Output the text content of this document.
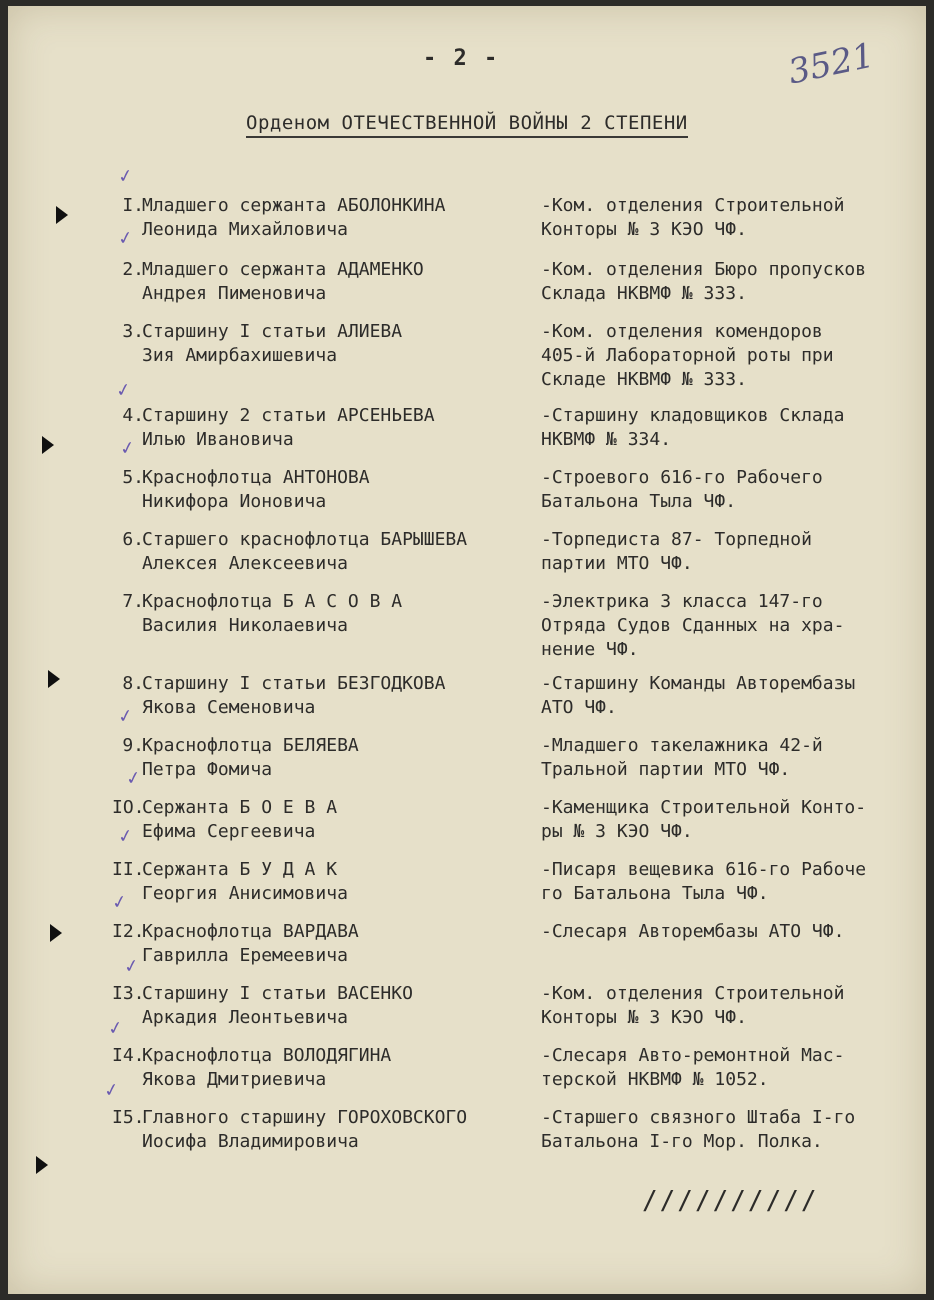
- 2 -	3521
Орденом ОТЕЧЕСТВЕННОЙ ВОЙНЫ 2 СТЕПЕНИ
✓
✓
✓
✓
✓
✓
✓
✓
✓
✓
✓
I.
Младшего сержанта АБОЛОНКИНА
Леонида Михайловича
-Ком. отделения Строительной
Конторы № 3 КЭО ЧФ.
2.
Младшего сержанта АДАМЕНКО
Андрея Пименовича
-Ком. отделения Бюро пропусков
Склада НКВМФ № 333.
3.
Старшину I статьи АЛИЕВА
Зия Амирбахишевича
-Ком. отделения комендоров
405-й Лабораторной роты при
Складе НКВМФ № 333.
4.
Старшину 2 статьи АРСЕНЬЕВА
Илью Ивановича
-Старшину кладовщиков Склада
НКВМФ № 334.
5.
Краснофлотца АНТОНОВА
Никифора Ионовича
-Строевого 616-го Рабочего
Батальона Тыла ЧФ.
6.
Старшего краснофлотца БАРЫШЕВА
Алексея Алексеевича
-Торпедиста 87- Торпедной
партии МТО ЧФ.
7.
Краснофлотца Б А С О В А
Василия Николаевича
-Электрика 3 класса 147-го
Отряда Судов Сданных на хра-
нение ЧФ.
8.
Старшину I статьи БЕЗГОДКОВА
Якова Семеновича
-Старшину Команды Авторембазы
АТО ЧФ.
9.
Краснофлотца БЕЛЯЕВА
Петра Фомича
-Младшего такелажника 42-й
Тральной партии МТО ЧФ.
IO.
Сержанта Б О Е В А
Ефима Сергеевича
-Каменщика Строительной Конто-
ры № 3 КЭО ЧФ.
II.
Сержанта Б У Д А К
Георгия Анисимовича
-Писаря вещевика 616-го Рабоче
го Батальона Тыла ЧФ.
I2.
Краснофлотца ВАРДАВА
Гаврилла Еремеевича
-Слесаря Авторембазы АТО ЧФ.
I3.
Старшину I статьи ВАСЕНКО
Аркадия Леонтьевича
-Ком. отделения Строительной
Конторы № 3 КЭО ЧФ.
I4.
Краснофлотца ВОЛОДЯГИНА
Якова Дмитриевича
-Слесаря Авто-ремонтной Мас-
терской НКВМФ № 1052.
I5.
Главного старшину ГОРОХОВСКОГО
Иосифа Владимировича
-Старшего связного Штаба I-го
Батальона I-го Мор. Полка.
//////////
